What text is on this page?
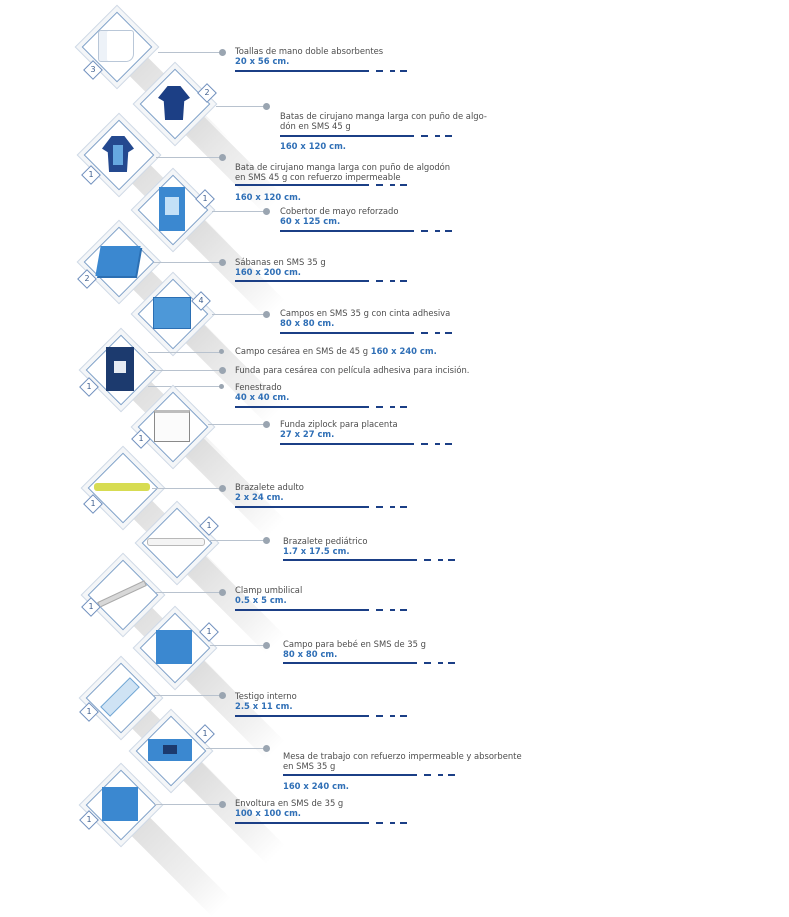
3
Toallas de mano doble absorbentes
20 x 56 cm.
2

Batas de cirujano manga larga con puño de algo-
dón en SMS 45 g

160 x 120 cm.

1

Bata de cirujano manga larga con puño de algodón
en SMS 45 g con refuerzo impermeable

160 x 120 cm.

1
Cobertor de mayo reforzado
60 x 125 cm.
2
Sábanas en SMS 35 g
160 x 200 cm.
4
Campos en SMS 35 g con cinta adhesiva
80 x 80 cm.
1
Campo cesárea en SMS de 45 g 160 x 240 cm.
Funda para cesárea con película adhesiva para incisión.
Fenestrado
40 x 40 cm.
1
Funda ziplock para placenta
27 x 27 cm.
1
Brazalete adulto
2 x 24 cm.
1
Brazalete pediátrico
1.7 x 17.5 cm.
1
Clamp umbilical
0.5 x 5 cm.
1
Campo para bebé en SMS de 35 g
80 x 80 cm.
1
Testigo interno
2.5 x 11 cm.
1

Mesa de trabajo con refuerzo impermeable y absorbente
en SMS 35 g

160 x 240 cm.

1
Envoltura en SMS de 35 g
100 x 100 cm.
